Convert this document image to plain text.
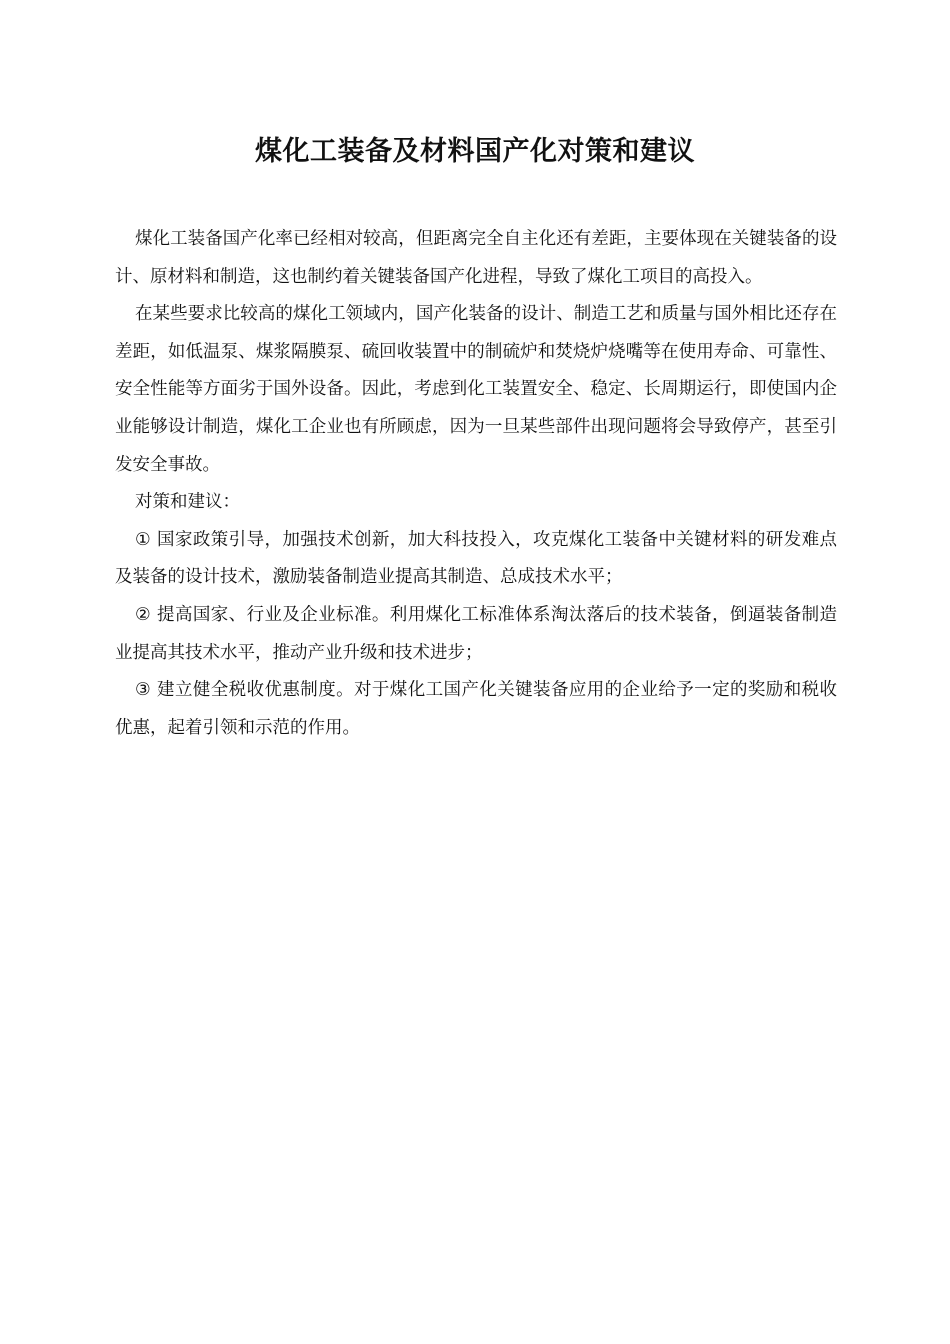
煤化工装备及材料国产化对策和建议

煤化工装备国产化率已经相对较高，但距离完全自主化还有差距，主要体现在关键装备的设计、原材料和制造，这也制约着关键装备国产化进程，导致了煤化工项目的高投入。

在某些要求比较高的煤化工领域内，国产化装备的设计、制造工艺和质量与国外相比还存在差距，如低温泵、煤浆隔膜泵、硫回收装置中的制硫炉和焚烧炉烧嘴等在使用寿命、可靠性、安全性能等方面劣于国外设备。因此，考虑到化工装置安全、稳定、长周期运行，即使国内企业能够设计制造，煤化工企业也有所顾虑，因为一旦某些部件出现问题将会导致停产，甚至引发安全事故。

对策和建议：

① 国家政策引导，加强技术创新，加大科技投入，攻克煤化工装备中关键材料的研发难点及装备的设计技术，激励装备制造业提高其制造、总成技术水平；

② 提高国家、行业及企业标准。利用煤化工标准体系淘汰落后的技术装备，倒逼装备制造业提高其技术水平，推动产业升级和技术进步；

③ 建立健全税收优惠制度。对于煤化工国产化关键装备应用的企业给予一定的奖励和税收优惠，起着引领和示范的作用。
